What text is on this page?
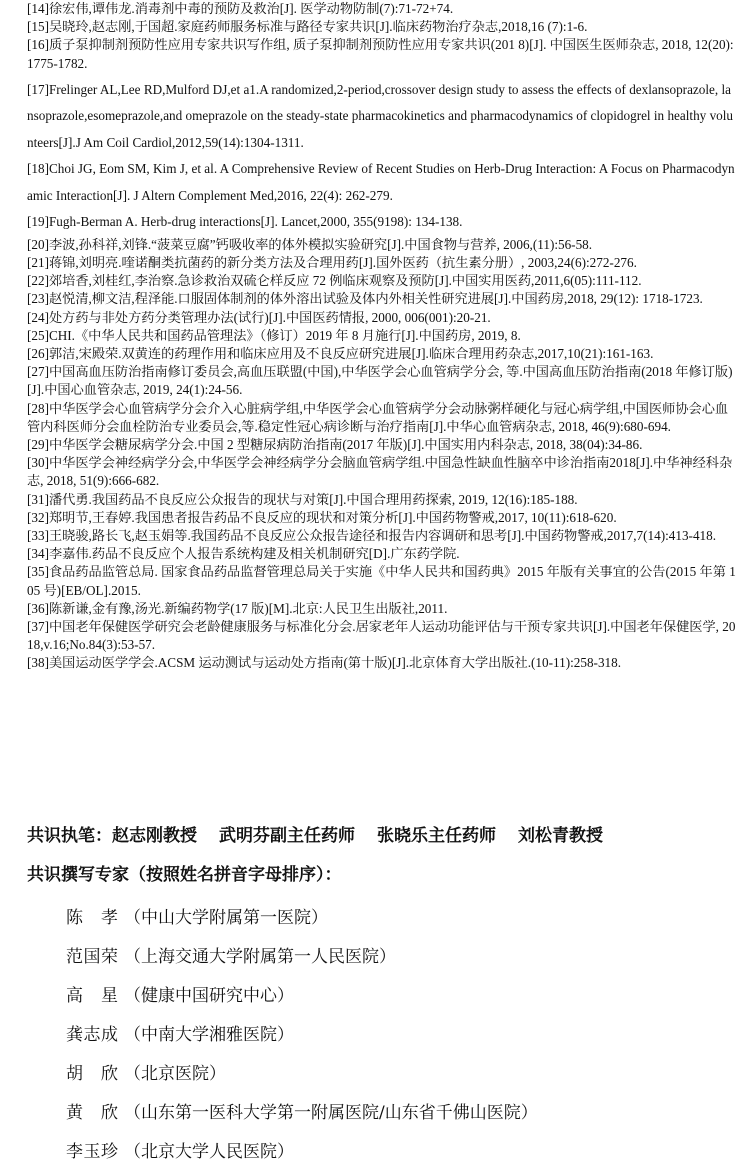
[14]徐宏伟,谭伟龙.消毒剂中毒的预防及救治[J]. 医学动物防制(7):71-72+74.
[15]吴晓玲,赵志刚,于国超.家庭药师服务标准与路径专家共识[J].临床药物治疗杂志,2018,16 (7):1-6.
[16]质子泵抑制剂预防性应用专家共识写作组, 质子泵抑制剂预防性应用专家共识(201 8)[J]. 中国医生医师杂志, 2018, 12(20): 1775-1782.
[17]Frelinger AL,Lee RD,Mulford DJ,et a1.A randomized,2-period,crossover design study to assess the effects of dexlansoprazole, lansoprazole,esomeprazole,and omeprazole on the steady-state pharmacokinetics and pharmacodynamics of clopidogrel in healthy volunteers[J].J Am Coil Cardiol,2012,59(14):1304-1311.
[18]Choi JG, Eom SM, Kim J, et al. A Comprehensive Review of Recent Studies on Herb-Drug Interaction: A Focus on Pharmacodynamic Interaction[J]. J Altern Complement Med,2016, 22(4): 262-279.
[19]Fugh-Berman A. Herb-drug interactions[J]. Lancet,2000, 355(9198): 134-138.
[20]李波,孙科祥,刘锋.“菠菜豆腐”钙吸收率的体外模拟实验研究[J].中国食物与营养, 2006,(11):56-58.
[21]蒋锦,刘明亮.喹诺酮类抗菌药的新分类方法及合理用药[J].国外医药（抗生素分册）, 2003,24(6):272-276.
[22]郊培香,刘桂红,李治察.急诊救治双硫仑样反应 72 例临床观察及预防[J].中国实用医药,2011,6(05):111-112.
[23]赵悦清,柳文洁,程泽能.口服固体制剂的体外溶出试验及体内外相关性研究进展[J].中国药房,2018, 29(12): 1718-1723.
[24]处方药与非处方药分类管理办法(试行)[J].中国医药情报, 2000, 006(001):20-21.
[25]CHI.《中华人民共和国药品管理法》（修订）2019 年 8 月施行[J].中国药房, 2019, 8.
[26]郭洁,宋殿荣.双黄连的药理作用和临床应用及不良反应研究进展[J].临床合理用药杂志,2017,10(21):161-163.
[27]中国高血压防治指南修订委员会,高血压联盟(中国),中华医学会心血管病学分会, 等.中国高血压防治指南(2018 年修订版)[J].中国心血管杂志, 2019, 24(1):24-56.
[28]中华医学会心血管病学分会介入心脏病学组,中华医学会心血管病学分会动脉粥样硬化与冠心病学组,中国医师协会心血管内科医师分会血栓防治专业委员会,等.稳定性冠心病诊断与治疗指南[J].中华心血管病杂志, 2018, 46(9):680-694.
[29]中华医学会糖尿病学分会.中国 2 型糖尿病防治指南(2017 年版)[J].中国实用内科杂志, 2018, 38(04):34-86.
[30]中华医学会神经病学分会,中华医学会神经病学分会脑血管病学组.中国急性缺血性脑卒中诊治指南2018[J].中华神经科杂志, 2018, 51(9):666-682.
[31]潘代勇.我国药品不良反应公众报告的现状与对策[J].中国合理用药探索, 2019, 12(16):185-188.
[32]郑明节,王春婷.我国患者报告药品不良反应的现状和对策分析[J].中国药物警戒,2017, 10(11):618-620.
[33]王晓骏,路长飞,赵玉娟等.我国药品不良反应公众报告途径和报告内容调研和思考[J].中国药物警戒,2017,7(14):413-418.
[34]李嘉伟.药品不良反应个人报告系统构建及相关机制研究[D].广东药学院.
[35]食品药品监管总局. 国家食品药品监督管理总局关于实施《中华人民共和国药典》2015 年版有关事宜的公告(2015 年第 105 号)[EB/OL].2015.
[36]陈新谦,金有豫,汤光.新编药物学(17 版)[M].北京:人民卫生出版社,2011.
[37]中国老年保健医学研究会老龄健康服务与标准化分会.居家老年人运动功能评估与干预专家共识[J].中国老年保健医学, 2018,v.16;No.84(3):53-57.
[38]美国运动医学学会.ACSM 运动测试与运动处方指南(第十版)[J].北京体育大学出版社.(10-11):258-318.
共识执笔：赵志刚教授 武明芬副主任药师 张晓乐主任药师 刘松青教授
共识撰写专家（按照姓名拼音字母排序）：
陈 孝 （中山大学附属第一医院）
范国荣 （上海交通大学附属第一人民医院）
高 星 （健康中国研究中心）
龚志成 （中南大学湘雅医院）
胡 欣 （北京医院）
黄 欣 （山东第一医科大学第一附属医院/山东省千佛山医院）
李玉珍 （北京大学人民医院）
